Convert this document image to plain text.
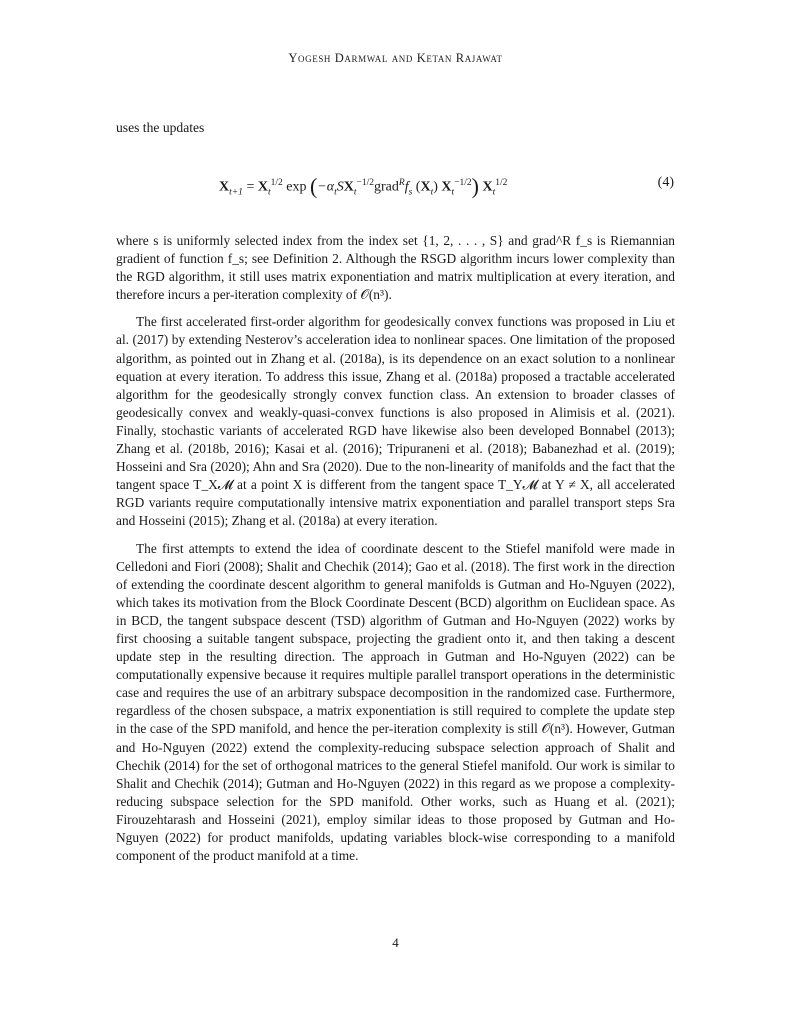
Yogesh Darmwal and Ketan Rajawat
uses the updates
$X_{t+1} = X_t^{1/2}$ $\exp (-\alpha_tSX_t^{-1/2}grad^Rf_s$ $(X_t)$ $X_t^{-1/2}$) $X_t^{1/2}$	(4)

where s is uniformly selected index from the index set {1, 2, . . . , S} and grad^R f_s is Riemannian gradient of function f_s; see Definition 2. Although the RSGD algorithm incurs lower complexity than the RGD algorithm, it still uses matrix exponentiation and matrix multiplication at every iteration, and therefore incurs a per-iteration complexity of 𝒪(n³).

The first accelerated first-order algorithm for geodesically convex functions was proposed in Liu et al. (2017) by extending Nesterov’s acceleration idea to nonlinear spaces. One limitation of the proposed algorithm, as pointed out in Zhang et al. (2018a), is its dependence on an exact solution to a nonlinear equation at every iteration. To address this issue, Zhang et al. (2018a) proposed a tractable accelerated algorithm for the geodesically strongly convex function class. An extension to broader classes of geodesically convex and weakly-quasi-convex functions is also proposed in Alimisis et al. (2021). Finally, stochastic variants of accelerated RGD have likewise also been developed Bonnabel (2013); Zhang et al. (2018b, 2016); Kasai et al. (2016); Tripuraneni et al. (2018); Babanezhad et al. (2019); Hosseini and Sra (2020); Ahn and Sra (2020). Due to the non-linearity of manifolds and the fact that the tangent space T_X𝓜 at a point X is different from the tangent space T_Y𝓜 at Y ≠ X, all accelerated RGD variants require computationally intensive matrix exponentiation and parallel transport steps Sra and Hosseini (2015); Zhang et al. (2018a) at every iteration.

The first attempts to extend the idea of coordinate descent to the Stiefel manifold were made in Celledoni and Fiori (2008); Shalit and Chechik (2014); Gao et al. (2018). The first work in the direction of extending the coordinate descent algorithm to general manifolds is Gutman and Ho-Nguyen (2022), which takes its motivation from the Block Coordinate Descent (BCD) algorithm on Euclidean space. As in BCD, the tangent subspace descent (TSD) algorithm of Gutman and Ho-Nguyen (2022) works by first choosing a suitable tangent subspace, projecting the gradient onto it, and then taking a descent update step in the resulting direction. The approach in Gutman and Ho-Nguyen (2022) can be computationally expensive because it requires multiple parallel transport operations in the deterministic case and requires the use of an arbitrary subspace decomposition in the randomized case. Furthermore, regardless of the chosen subspace, a matrix exponentiation is still required to complete the update step in the case of the SPD manifold, and hence the per-iteration complexity is still 𝒪(n³). However, Gutman and Ho-Nguyen (2022) extend the complexity-reducing subspace selection approach of Shalit and Chechik (2014) for the set of orthogonal matrices to the general Stiefel manifold. Our work is similar to Shalit and Chechik (2014); Gutman and Ho-Nguyen (2022) in this regard as we propose a complexity-reducing subspace selection for the SPD manifold. Other works, such as Huang et al. (2021); Firouzehtarash and Hosseini (2021), employ similar ideas to those proposed by Gutman and Ho-Nguyen (2022) for product manifolds, updating variables block-wise corresponding to a manifold component of the product manifold at a time.

4
